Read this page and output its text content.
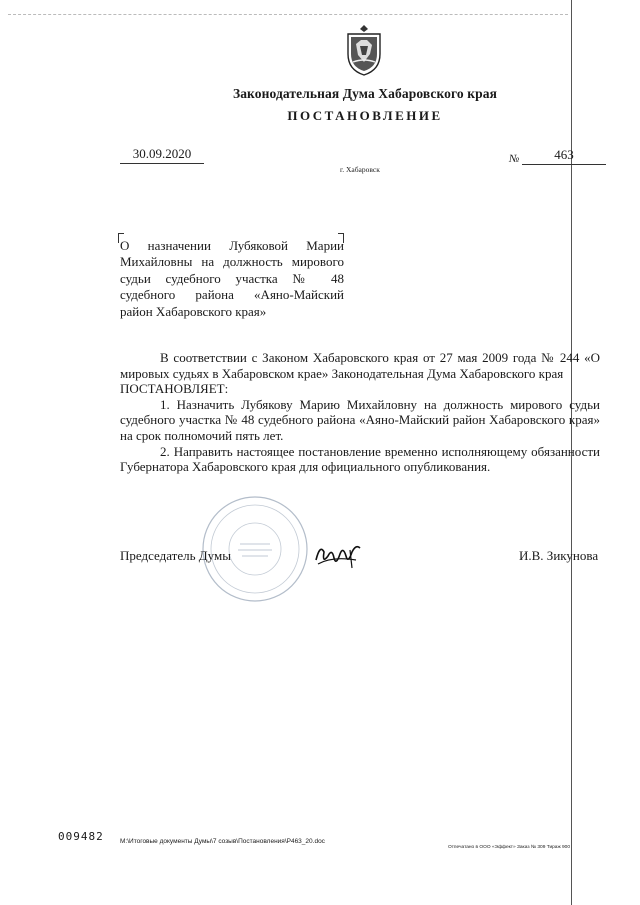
Законодательная Дума Хабаровского края
ПОСТАНОВЛЕНИЕ
30.09.2020	№	463
г. Хабаровск
О назначении Лубяковой Марии Михайловны на должность мирового судьи судебного участка № 48 судебного района «Аяно-Майский район Хабаровского края»

В соответствии с Законом Хабаровского края от 27 мая 2009 года № 244 «О мировых судьях в Хабаровском крае» Законодательная Дума Хабаровского края

ПОСТАНОВЛЯЕТ:

1. Назначить Лубякову Марию Михайловну на должность мирового судьи судебного участка № 48 судебного района «Аяно-Майский район Хабаровского края» на срок полномочий пять лет.

2. Направить настоящее постановление временно исполняющему обязанности Губернатора Хабаровского края для официального опубликования.

Председатель Думы	И.В. Зикунова
009482	М:\Итоговые документы Думы\7 созыв\Постановления\Р463_20.doc
Отпечатано в ООО «Эффект» Заказ № 309 Тираж 900
